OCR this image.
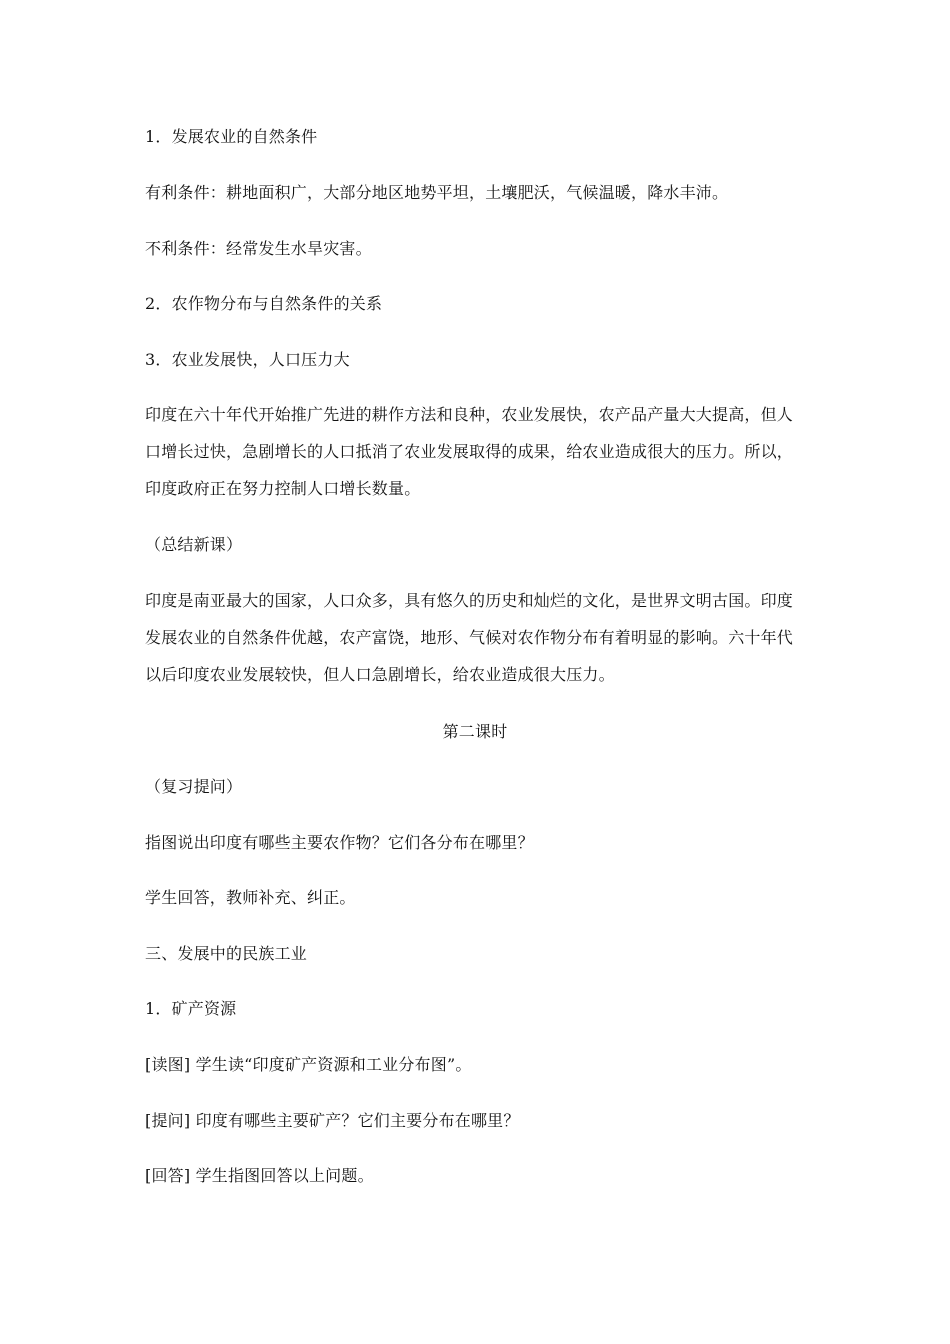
1．发展农业的自然条件

有利条件：耕地面积广，大部分地区地势平坦，土壤肥沃，气候温暖，降水丰沛。

不利条件：经常发生水旱灾害。

2．农作物分布与自然条件的关系

3．农业发展快，人口压力大

印度在六十年代开始推广先进的耕作方法和良种，农业发展快，农产品产量大大提高，但人口增长过快，急剧增长的人口抵消了农业发展取得的成果，给农业造成很大的压力。所以，印度政府正在努力控制人口增长数量。

（总结新课）

印度是南亚最大的国家，人口众多，具有悠久的历史和灿烂的文化，是世界文明古国。印度发展农业的自然条件优越，农产富饶，地形、气候对农作物分布有着明显的影响。六十年代以后印度农业发展较快，但人口急剧增长，给农业造成很大压力。

第二课时

（复习提问）

指图说出印度有哪些主要农作物？它们各分布在哪里？

学生回答，教师补充、纠正。

三、发展中的民族工业

1．矿产资源

[读图] 学生读“印度矿产资源和工业分布图”。

[提问] 印度有哪些主要矿产？它们主要分布在哪里？

[回答] 学生指图回答以上问题。
